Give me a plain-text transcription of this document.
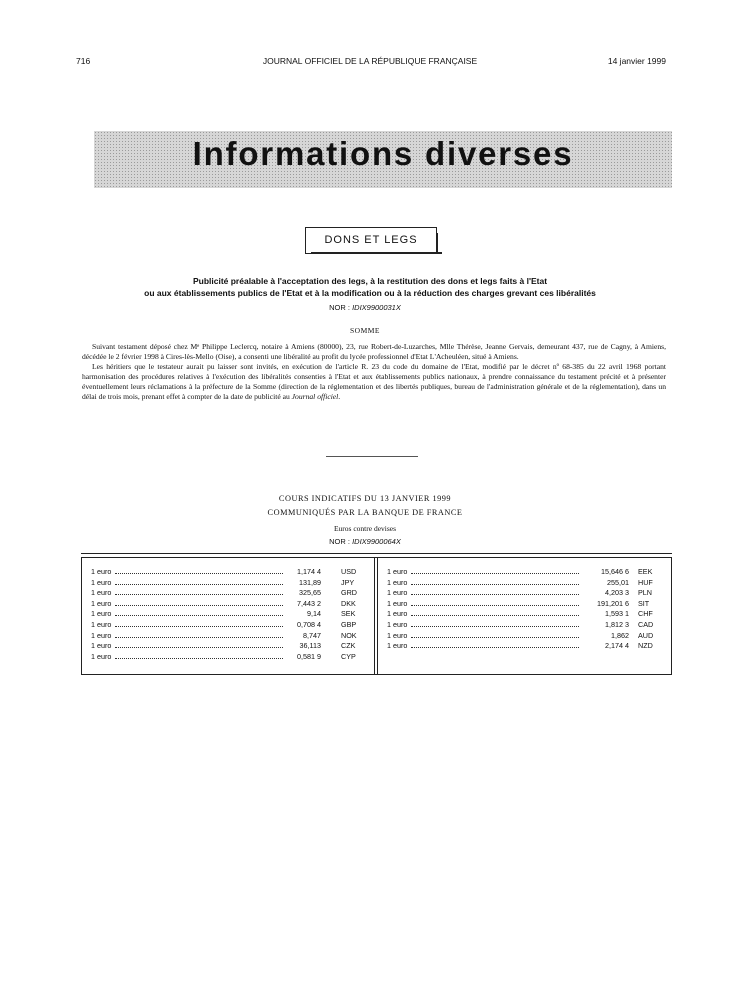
716	JOURNAL OFFICIEL DE LA RÉPUBLIQUE FRANÇAISE	14 janvier 1999
Informations diverses
DONS ET LEGS
Publicité préalable à l'acceptation des legs, à la restitution des dons et legs faits à l'Etat
ou aux établissements publics de l'Etat et à la modification ou à la réduction des charges grevant ces libéralités
NOR : IDIX9900031X
SOMME

Suivant testament déposé chez Mᵉ Philippe Leclercq, notaire à Amiens (80000), 23, rue Robert-de-Luzarches, Mlle Thérèse, Jeanne Gervais, demeurant 437, rue de Cagny, à Amiens, décédée le 2 février 1998 à Cires-lès-Mello (Oise), a consenti une libéralité au profit du lycée professionnel d'Etat L'Acheuléen, situé à Amiens.

Les héritiers que le testateur aurait pu laisser sont invités, en exécution de l'article R. 23 du code du domaine de l'Etat, modifié par le décret nº 68-385 du 22 avril 1968 portant harmonisation des procédures relatives à l'exécution des libéralités consenties à l'Etat et aux établissements publics nationaux, à prendre connaissance du testament précité et à présenter éventuellement leurs réclamations à la préfecture de la Somme (direction de la réglementation et des libertés publiques, bureau de l'administration générale et de la réglementation), dans un délai de trois mois, prenant effet à compter de la date de publicité au Journal officiel.

COURS INDICATIFS DU 13 JANVIER 1999
COMMUNIQUÉS PAR LA BANQUE DE FRANCE
Euros contre devises
NOR : IDIX9900064X
1 euro	1,174 4	USD
1 euro	131,89	JPY
1 euro	325,65	GRD
1 euro	7,443 2	DKK
1 euro	9,14	SEK
1 euro	0,708 4	GBP
1 euro	8,747	NOK
1 euro	36,113	CZK
1 euro	0,581 9	CYP
1 euro	15,646 6 EEK
1 euro	255,01 HUF
1 euro	4,203 3 PLN
1 euro	191,201 6 SIT
1 euro	1,593 1 CHF
1 euro	1,812 3 CAD
1 euro	1,862 AUD
1 euro	2,174 4 NZD
